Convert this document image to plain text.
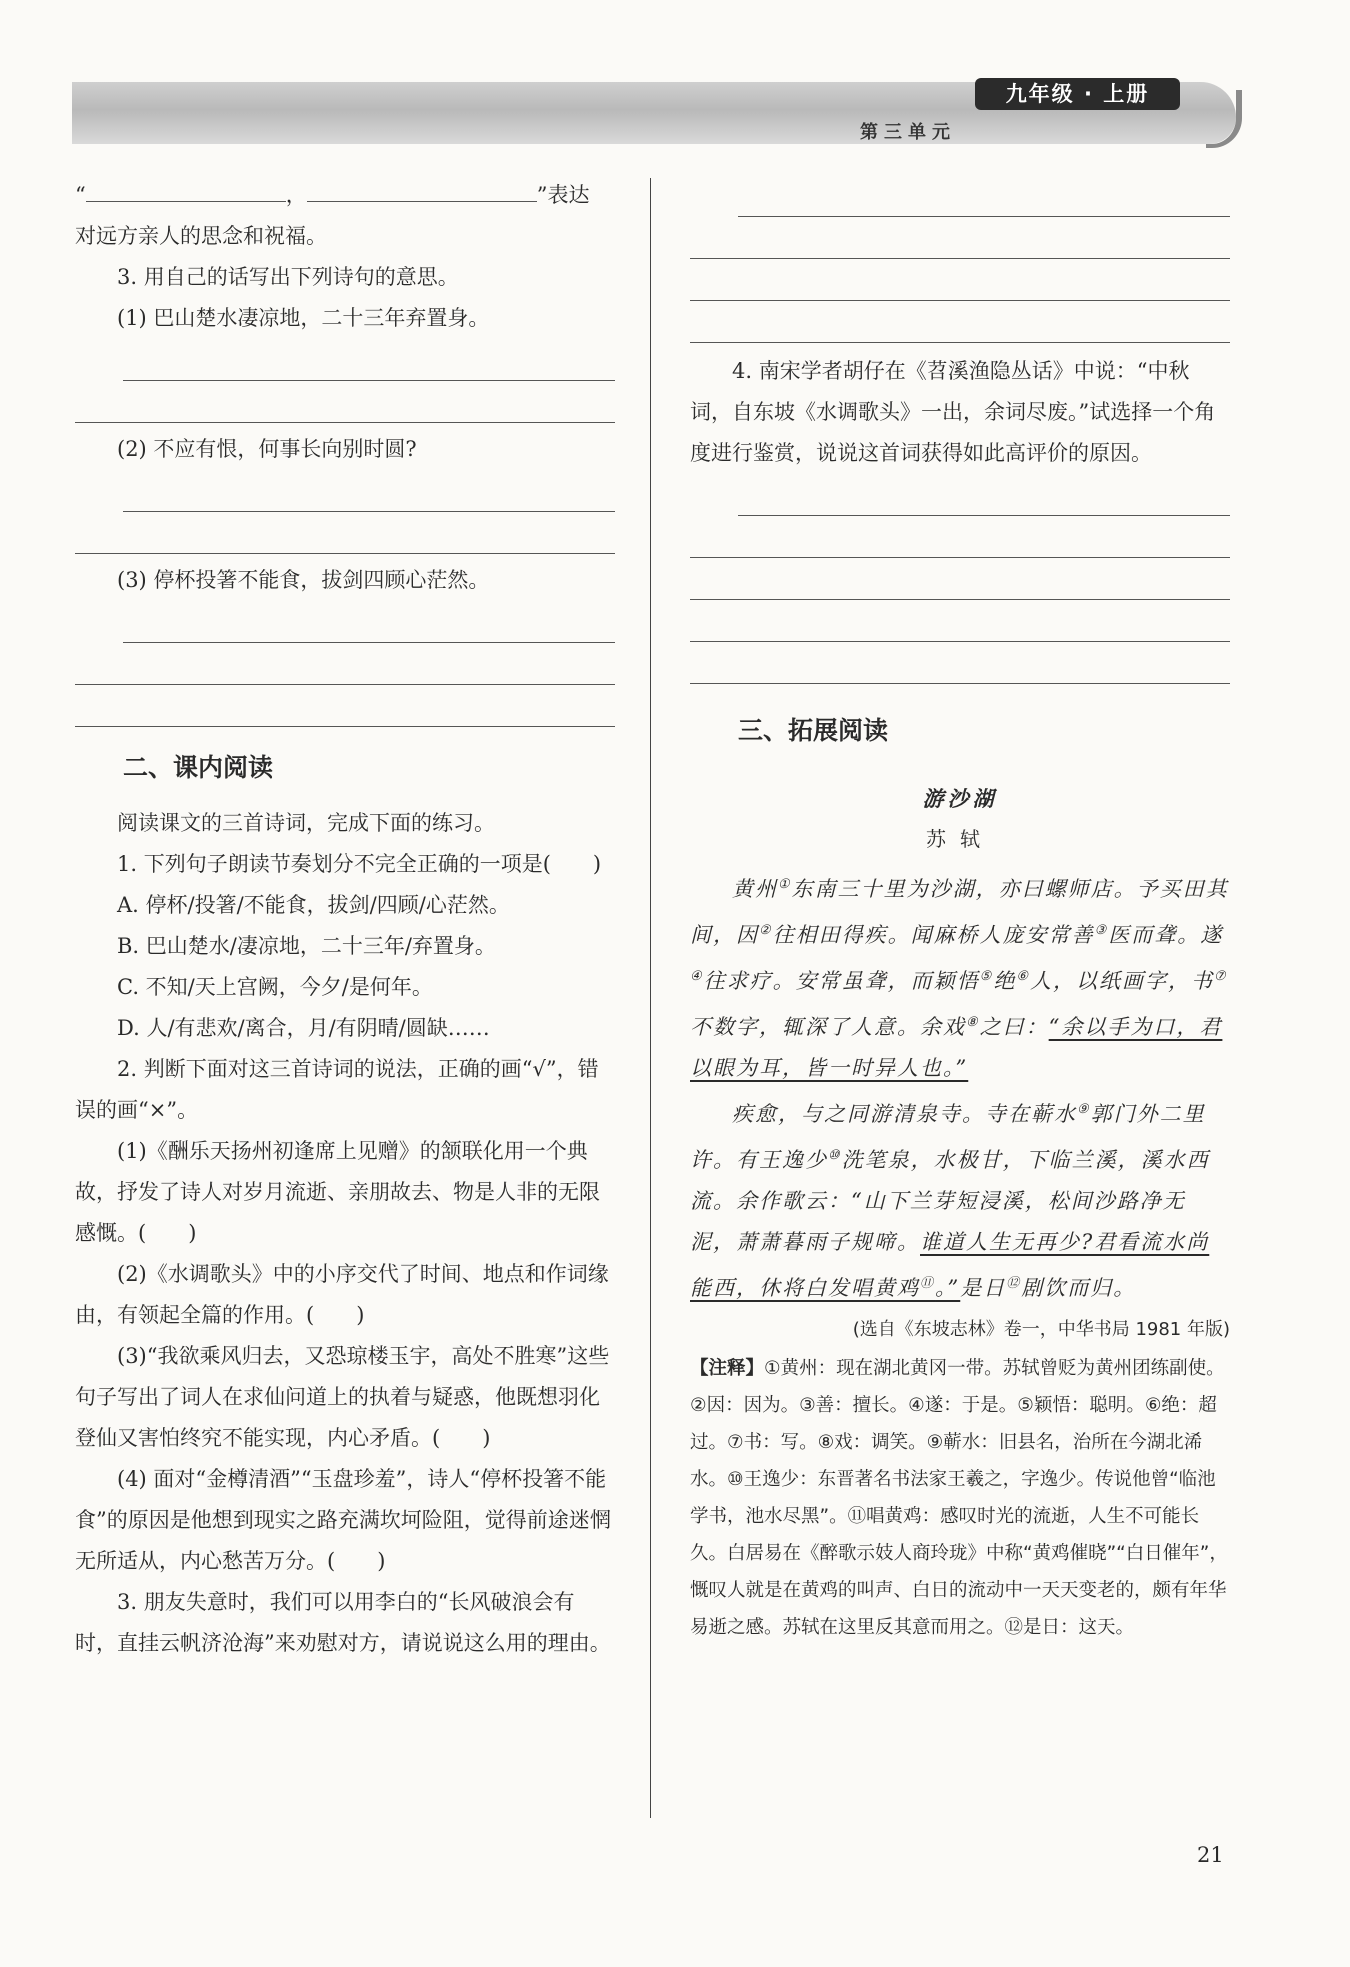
九年级 · 上册
第三单元

“	，	”表达

对远方亲人的思念和祝福。

3. 用自己的话写出下列诗句的意思。

(1) 巴山楚水凄凉地，二十三年弃置身。

(2) 不应有恨，何事长向别时圆?

(3) 停杯投箸不能食，拔剑四顾心茫然。

二、课内阅读

阅读课文的三首诗词，完成下面的练习。

1. 下列句子朗读节奏划分不完全正确的一项是(　　)

A. 停杯/投箸/不能食，拔剑/四顾/心茫然。

B. 巴山楚水/凄凉地，二十三年/弃置身。

C. 不知/天上宫阙，今夕/是何年。

D. 人/有悲欢/离合，月/有阴晴/圆缺……

2. 判断下面对这三首诗词的说法，正确的画“√”，错误的画“×”。

(1)《酬乐天扬州初逢席上见赠》的颔联化用一个典故，抒发了诗人对岁月流逝、亲朋故去、物是人非的无限感慨。(　　)

(2)《水调歌头》中的小序交代了时间、地点和作词缘由，有领起全篇的作用。(　　)

(3)“我欲乘风归去，又恐琼楼玉宇，高处不胜寒”这些句子写出了词人在求仙问道上的执着与疑惑，他既想羽化登仙又害怕终究不能实现，内心矛盾。(　　)

(4) 面对“金樽清酒”“玉盘珍羞”，诗人“停杯投箸不能食”的原因是他想到现实之路充满坎坷险阻，觉得前途迷惘无所适从，内心愁苦万分。(　　)

3. 朋友失意时，我们可以用李白的“长风破浪会有时，直挂云帆济沧海”来劝慰对方，请说说这么用的理由。

4. 南宋学者胡仔在《苕溪渔隐丛话》中说：“中秋词，自东坡《水调歌头》一出，余词尽废。”试选择一个角度进行鉴赏，说说这首词获得如此高评价的原因。

三、拓展阅读
游沙湖
苏轼

黄州①东南三十里为沙湖，亦曰螺师店。予买田其间，因②往相田得疾。闻麻桥人庞安常善③医而聋。遂④往求疗。安常虽聋，而颖悟⑤绝⑥人，以纸画字，书⑦不数字，辄深了人意。余戏⑧之曰：“余以手为口，君以眼为耳，皆一时异人也。”

疾愈，与之同游清泉寺。寺在蕲水⑨郭门外二里许。有王逸少⑩洗笔泉，水极甘，下临兰溪，溪水西流。余作歌云：“山下兰芽短浸溪，松间沙路净无泥，萧萧暮雨子规啼。谁道人生无再少?君看流水尚能西，休将白发唱黄鸡⑪。”是日⑫剧饮而归。

(选自《东坡志林》卷一，中华书局 1981 年版)

【注释】①黄州：现在湖北黄冈一带。苏轼曾贬为黄州团练副使。②因：因为。③善：擅长。④遂：于是。⑤颖悟：聪明。⑥绝：超过。⑦书：写。⑧戏：调笑。⑨蕲水：旧县名，治所在今湖北浠水。⑩王逸少：东晋著名书法家王羲之，字逸少。传说他曾“临池学书，池水尽黑”。⑪唱黄鸡：感叹时光的流逝，人生不可能长久。白居易在《醉歌示妓人商玲珑》中称“黄鸡催晓”“白日催年”，慨叹人就是在黄鸡的叫声、白日的流动中一天天变老的，颇有年华易逝之感。苏轼在这里反其意而用之。⑫是日：这天。

21
